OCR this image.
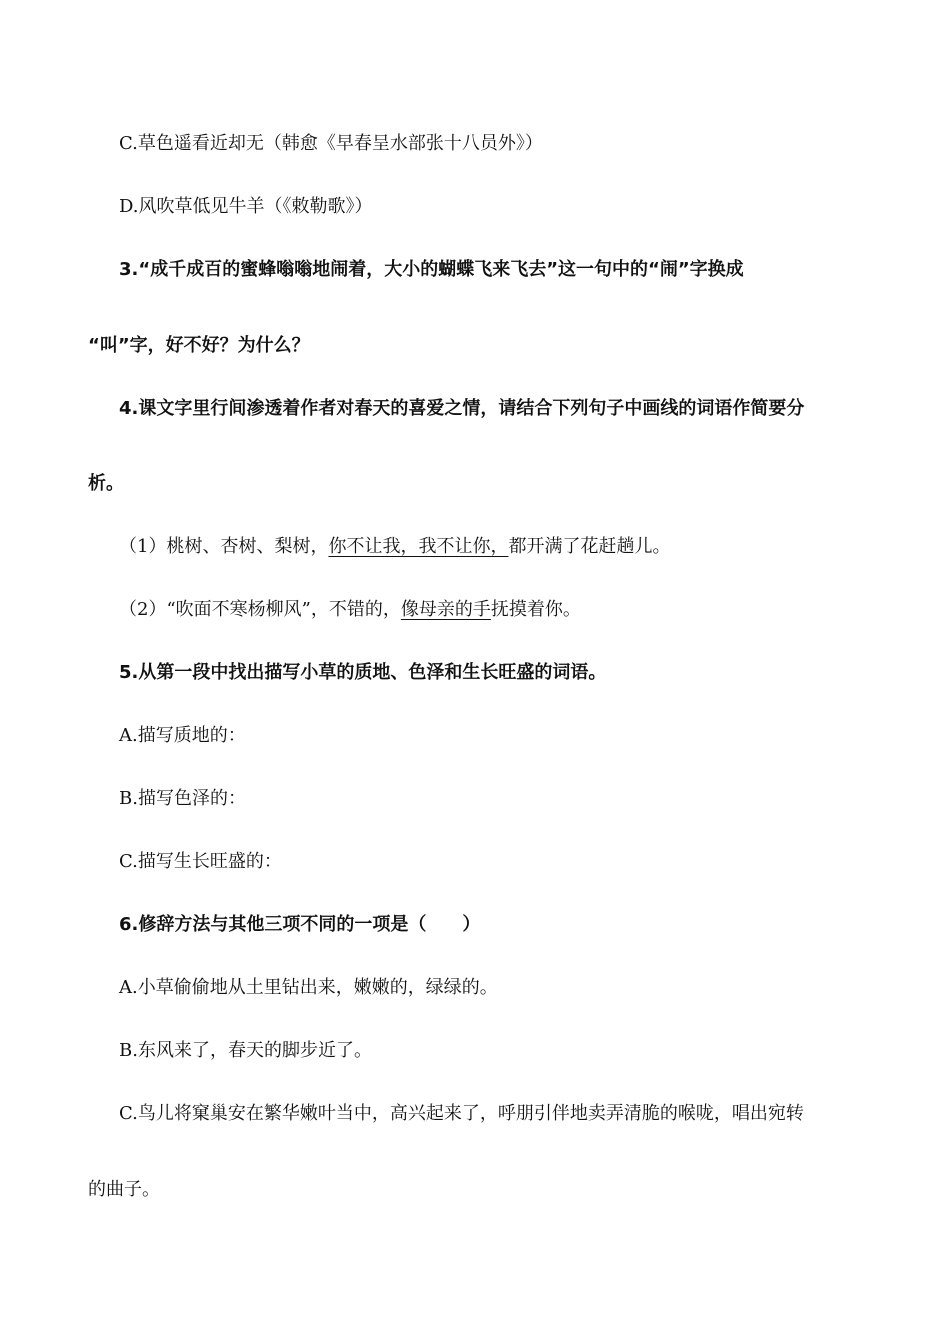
C.草色遥看近却无（韩愈《早春呈水部张十八员外》）
D.风吹草低见牛羊（《敕勒歌》）
3.“成千成百的蜜蜂嗡嗡地闹着，大小的蝴蝶飞来飞去”这一句中的“闹”字换成
“叫”字，好不好？为什么？
4.课文字里行间渗透着作者对春天的喜爱之情，请结合下列句子中画线的词语作简要分
析。
（1）桃树、杏树、梨树，你不让我，我不让你，都开满了花赶趟儿。
（2）“吹面不寒杨柳风”，不错的，像母亲的手抚摸着你。
5.从第一段中找出描写小草的质地、色泽和生长旺盛的词语。
A.描写质地的：
B.描写色泽的：
C.描写生长旺盛的：
6.修辞方法与其他三项不同的一项是（　　）
A.小草偷偷地从土里钻出来，嫩嫩的，绿绿的。
B.东风来了，春天的脚步近了。
C.鸟儿将窠巢安在繁华嫩叶当中，高兴起来了，呼朋引伴地卖弄清脆的喉咙，唱出宛转
的曲子。
